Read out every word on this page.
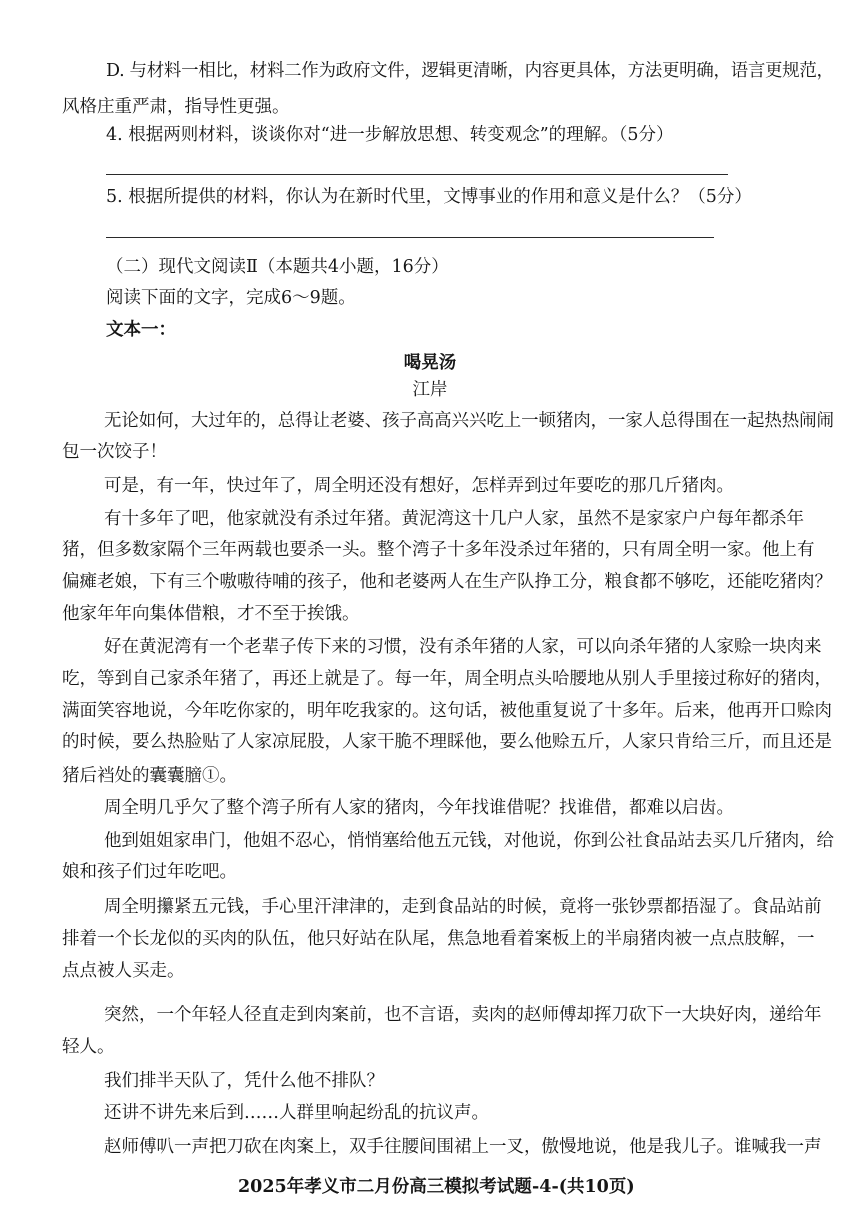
D. 与材料一相比，材料二作为政府文件，逻辑更清晰，内容更具体，方法更明确，语言更规范，
风格庄重严肃，指导性更强。
4. 根据两则材料，谈谈你对“进一步解放思想、转变观念”的理解。（5分）
5. 根据所提供的材料，你认为在新时代里，文博事业的作用和意义是什么？（5分）
（二）现代文阅读Ⅱ（本题共4小题，16分）
阅读下面的文字，完成6～9题。
文本一：
喝晃汤
江岸
无论如何，大过年的，总得让老婆、孩子高高兴兴吃上一顿猪肉，一家人总得围在一起热热闹闹
包一次饺子！
可是，有一年，快过年了，周全明还没有想好，怎样弄到过年要吃的那几斤猪肉。
有十多年了吧，他家就没有杀过年猪。黄泥湾这十几户人家，虽然不是家家户户每年都杀年
猪，但多数家隔个三年两载也要杀一头。整个湾子十多年没杀过年猪的，只有周全明一家。他上有
偏瘫老娘，下有三个嗷嗷待哺的孩子，他和老婆两人在生产队挣工分，粮食都不够吃，还能吃猪肉？
他家年年向集体借粮，才不至于挨饿。
好在黄泥湾有一个老辈子传下来的习惯，没有杀年猪的人家，可以向杀年猪的人家赊一块肉来
吃，等到自己家杀年猪了，再还上就是了。每一年，周全明点头哈腰地从别人手里接过称好的猪肉，
满面笑容地说，今年吃你家的，明年吃我家的。这句话，被他重复说了十多年。后来，他再开口赊肉
的时候，要么热脸贴了人家凉屁股，人家干脆不理睬他，要么他赊五斤，人家只肯给三斤，而且还是
猪后裆处的囊囊膪①。
周全明几乎欠了整个湾子所有人家的猪肉，今年找谁借呢？找谁借，都难以启齿。
他到姐姐家串门，他姐不忍心，悄悄塞给他五元钱，对他说，你到公社食品站去买几斤猪肉，给
娘和孩子们过年吃吧。
周全明攥紧五元钱，手心里汗津津的，走到食品站的时候，竟将一张钞票都捂湿了。食品站前
排着一个长龙似的买肉的队伍，他只好站在队尾，焦急地看着案板上的半扇猪肉被一点点肢解，一
点点被人买走。
突然，一个年轻人径直走到肉案前，也不言语，卖肉的赵师傅却挥刀砍下一大块好肉，递给年
轻人。
我们排半天队了，凭什么他不排队？
还讲不讲先来后到……人群里响起纷乱的抗议声。
赵师傅叭一声把刀砍在肉案上，双手往腰间围裙上一叉，傲慢地说，他是我儿子。谁喊我一声
2025年孝义市二月份高三模拟考试题 -4-(共10页)
